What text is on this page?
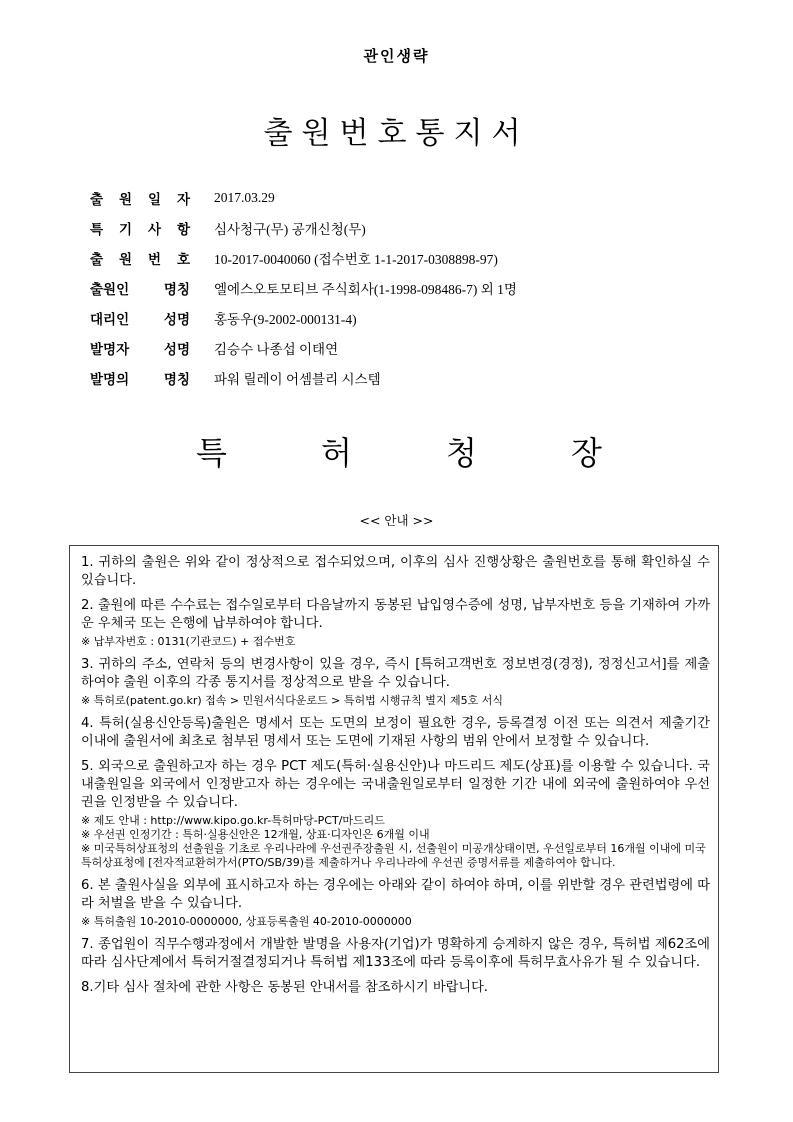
관인생략
출원번호통지서
출 원 일 자 2017.03.29
특 기 사 항 심사청구(무) 공개신청(무)
출 원 번 호 10-2017-0040060 (접수번호 1-1-2017-0308898-97)
출원인	명칭 엘에스오토모티브 주식회사(1-1998-098486-7) 외 1명
대리인	성명 홍동우(9-2002-000131-4)
발명자	성명 김승수 나종섭 이태연
발명의	명칭 파워 릴레이 어셈블리 시스템
특	허	청	장
<< 안내 >>
1. 귀하의 출원은 위와 같이 정상적으로 접수되었으며, 이후의 심사 진행상황은 출원번호를 통해 확인하실 수 있습니다.
2. 출원에 따른 수수료는 접수일로부터 다음날까지 동봉된 납입영수증에 성명, 납부자번호 등을 기재하여 가까운 우체국 또는 은행에 납부하여야 합니다.
※ 납부자번호 : 0131(기관코드) + 접수번호
3. 귀하의 주소, 연락처 등의 변경사항이 있을 경우, 즉시 [특허고객번호 정보변경(경정), 정정신고서]를 제출하여야 출원 이후의 각종 통지서를 정상적으로 받을 수 있습니다.
※ 특허로(patent.go.kr) 접속 > 민원서식다운로드 > 특허법 시행규칙 별지 제5호 서식
4. 특허(실용신안등록)출원은 명세서 또는 도면의 보정이 필요한 경우, 등록결정 이전 또는 의견서 제출기간 이내에 출원서에 최초로 첨부된 명세서 또는 도면에 기재된 사항의 범위 안에서 보정할 수 있습니다.
5. 외국으로 출원하고자 하는 경우 PCT 제도(특허·실용신안)나 마드리드 제도(상표)를 이용할 수 있습니다. 국내출원일을 외국에서 인정받고자 하는 경우에는 국내출원일로부터 일정한 기간 내에 외국에 출원하여야 우선권을 인정받을 수 있습니다.
※ 제도 안내 : http://www.kipo.go.kr-특허마당-PCT/마드리드
※ 우선권 인정기간 : 특허·실용신안은 12개월, 상표·디자인은 6개월 이내
※ 미국특허상표청의 선출원을 기초로 우리나라에 우선권주장출원 시, 선출원이 미공개상태이면, 우선일로부터 16개월 이내에 미국특허상표청에 [전자적교환허가서(PTO/SB/39)를 제출하거나 우리나라에 우선권 증명서류를 제출하여야 합니다.
6. 본 출원사실을 외부에 표시하고자 하는 경우에는 아래와 같이 하여야 하며, 이를 위반할 경우 관련법령에 따라 처벌을 받을 수 있습니다.
※ 특허출원 10-2010-0000000, 상표등록출원 40-2010-0000000
7. 종업원이 직무수행과정에서 개발한 발명을 사용자(기업)가 명확하게 승계하지 않은 경우, 특허법 제62조에 따라 심사단계에서 특허거절결정되거나 특허법 제133조에 따라 등록이후에 특허무효사유가 될 수 있습니다.
8.기타 심사 절차에 관한 사항은 동봉된 안내서를 참조하시기 바랍니다.
